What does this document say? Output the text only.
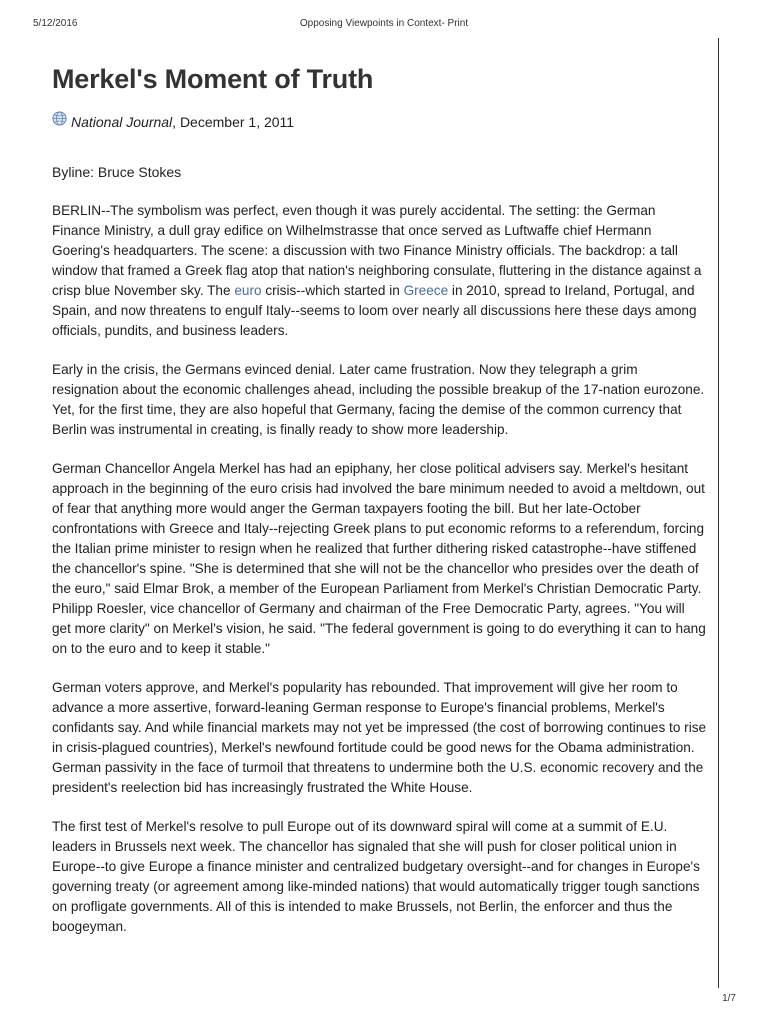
5/12/2016	Opposing Viewpoints in Context- Print
1/7
Merkel's Moment of Truth
National Journal, December 1, 2011
Byline: Bruce Stokes

BERLIN--The symbolism was perfect, even though it was purely accidental. The setting: the German Finance Ministry, a dull gray edifice on Wilhelmstrasse that once served as Luftwaffe chief Hermann Goering's headquarters. The scene: a discussion with two Finance Ministry officials. The backdrop: a tall window that framed a Greek flag atop that nation's neighboring consulate, fluttering in the distance against a crisp blue November sky. The euro crisis--which started in Greece in 2010, spread to Ireland, Portugal, and Spain, and now threatens to engulf Italy--seems to loom over nearly all discussions here these days among officials, pundits, and business leaders.

Early in the crisis, the Germans evinced denial. Later came frustration. Now they telegraph a grim resignation about the economic challenges ahead, including the possible breakup of the 17-nation eurozone. Yet, for the first time, they are also hopeful that Germany, facing the demise of the common currency that Berlin was instrumental in creating, is finally ready to show more leadership.

German Chancellor Angela Merkel has had an epiphany, her close political advisers say. Merkel's hesitant approach in the beginning of the euro crisis had involved the bare minimum needed to avoid a meltdown, out of fear that anything more would anger the German taxpayers footing the bill. But her late-October confrontations with Greece and Italy--rejecting Greek plans to put economic reforms to a referendum, forcing the Italian prime minister to resign when he realized that further dithering risked catastrophe--have stiffened the chancellor's spine. "She is determined that she will not be the chancellor who presides over the death of the euro," said Elmar Brok, a member of the European Parliament from Merkel's Christian Democratic Party. Philipp Roesler, vice chancellor of Germany and chairman of the Free Democratic Party, agrees. "You will get more clarity" on Merkel's vision, he said. "The federal government is going to do everything it can to hang on to the euro and to keep it stable."

German voters approve, and Merkel's popularity has rebounded. That improvement will give her room to advance a more assertive, forward-leaning German response to Europe's financial problems, Merkel's confidants say. And while financial markets may not yet be impressed (the cost of borrowing continues to rise in crisis-plagued countries), Merkel's newfound fortitude could be good news for the Obama administration. German passivity in the face of turmoil that threatens to undermine both the U.S. economic recovery and the president's reelection bid has increasingly frustrated the White House.

The first test of Merkel's resolve to pull Europe out of its downward spiral will come at a summit of E.U. leaders in Brussels next week. The chancellor has signaled that she will push for closer political union in Europe--to give Europe a finance minister and centralized budgetary oversight--and for changes in Europe's governing treaty (or agreement among like-minded nations) that would automatically trigger tough sanctions on profligate governments. All of this is intended to make Brussels, not Berlin, the enforcer and thus the boogeyman.
